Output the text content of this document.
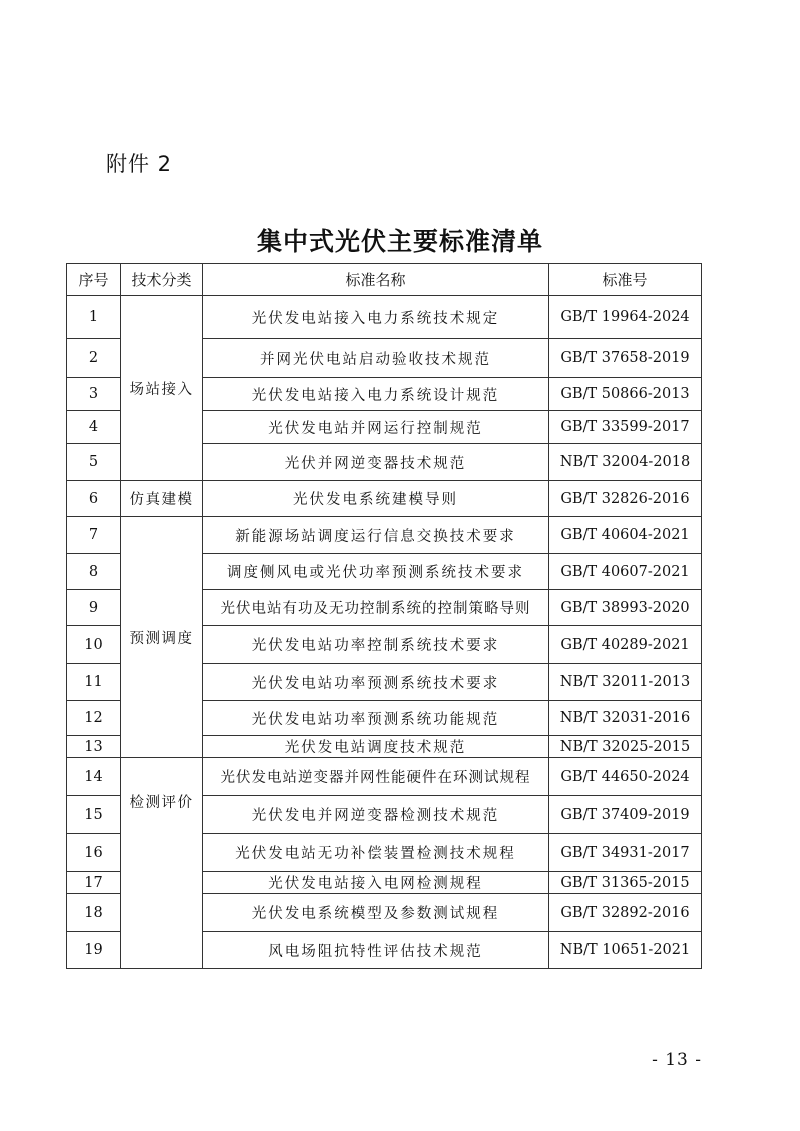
附件 2
集中式光伏主要标准清单
序号	技术分类	标准名称	标准号
1	场站接入	光伏发电站接入电力系统技术规定	GB/T 19964-2024
2		并网光伏电站启动验收技术规范	GB/T 37658-2019
3		光伏发电站接入电力系统设计规范	GB/T 50866-2013
4		光伏发电站并网运行控制规范	GB/T 33599-2017
5		光伏并网逆变器技术规范	NB/T 32004-2018
6	仿真建模	光伏发电系统建模导则	GB/T 32826-2016
7	预测调度	新能源场站调度运行信息交换技术要求	GB/T 40604-2021
8		调度侧风电或光伏功率预测系统技术要求	GB/T 40607-2021
9		光伏电站有功及无功控制系统的控制策略导则	GB/T 38993-2020
10		光伏发电站功率控制系统技术要求	GB/T 40289-2021
11		光伏发电站功率预测系统技术要求	NB/T 32011-2013
12		光伏发电站功率预测系统功能规范	NB/T 32031-2016
13		光伏发电站调度技术规范	NB/T 32025-2015
14	检测评价	光伏发电站逆变器并网性能硬件在环测试规程	GB/T 44650-2024
15		光伏发电并网逆变器检测技术规范	GB/T 37409-2019
16		光伏发电站无功补偿装置检测技术规程	GB/T 34931-2017
17		光伏发电站接入电网检测规程	GB/T 31365-2015
18		光伏发电系统模型及参数测试规程	GB/T 32892-2016
19		风电场阻抗特性评估技术规范	NB/T 10651-2021
- 13 -
